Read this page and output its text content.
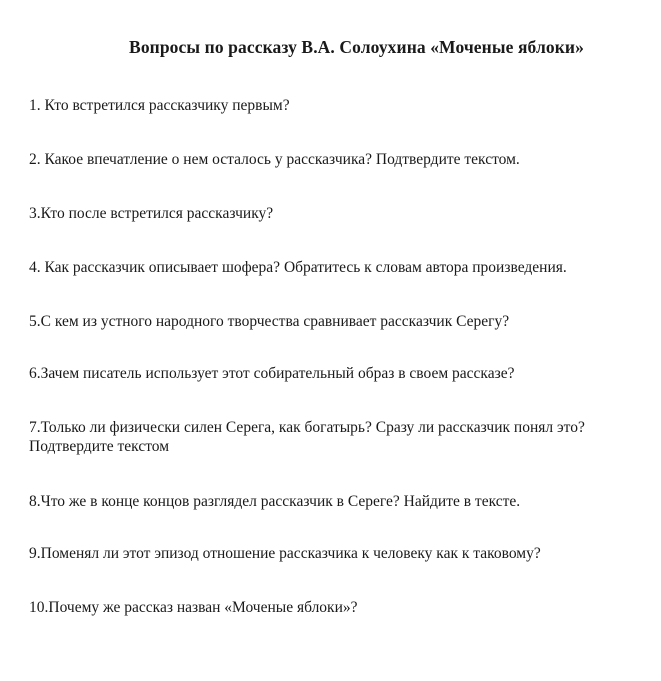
Вопросы по рассказу В.А. Солоухина «Моченые яблоки»

1. Кто встретился рассказчику первым?

2. Какое впечатление о нем осталось у рассказчика? Подтвердите текстом.

3.Кто после встретился рассказчику?

4. Как рассказчик описывает шофера? Обратитесь к словам автора произведения.

5.С кем из устного народного творчества сравнивает рассказчик Серегу?

6.Зачем писатель использует этот собирательный образ в своем рассказе?

7.Только ли физически силен Серега, как богатырь? Сразу ли рассказчик понял это? Подтвердите текстом

8.Что же в конце концов разглядел рассказчик в Сереге? Найдите в тексте.

9.Поменял ли этот эпизод отношение рассказчика к человеку как к таковому?

10.Почему же рассказ назван «Моченые яблоки»?
